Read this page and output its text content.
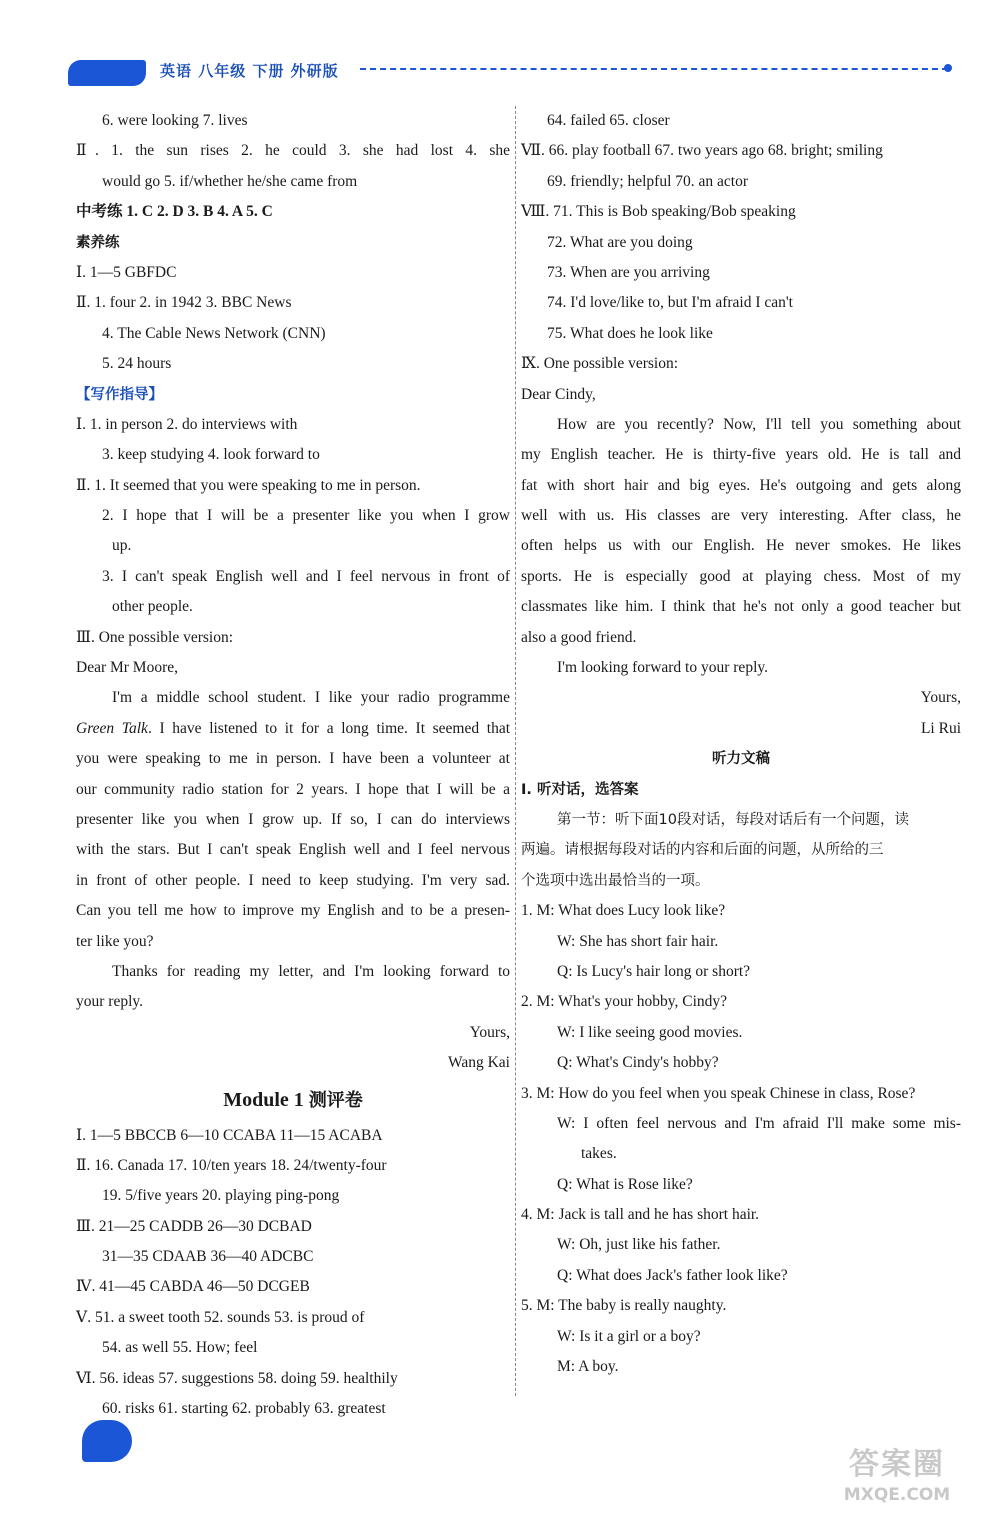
英语 八年级 下册 外研版
6. were looking 7. lives
Ⅱ. 1. the sun rises 2. he could 3. she had lost 4. she
would go 5. if/whether he/she came from
中考练 1. C 2. D 3. B 4. A 5. C
素养练
Ⅰ. 1—5 GBFDC
Ⅱ. 1. four 2. in 1942 3. BBC News
4. The Cable News Network (CNN)
5. 24 hours
【写作指导】
Ⅰ. 1. in person 2. do interviews with
3. keep studying 4. look forward to
Ⅱ. 1. It seemed that you were speaking to me in person.
2. I hope that I will be a presenter like you when I grow
up.
3. I can't speak English well and I feel nervous in front of
other people.
Ⅲ. One possible version:
Dear Mr Moore,
I'm a middle school student. I like your radio programme
Green Talk. I have listened to it for a long time. It seemed that
you were speaking to me in person. I have been a volunteer at
our community radio station for 2 years. I hope that I will be a
presenter like you when I grow up. If so, I can do interviews
with the stars. But I can't speak English well and I feel nervous
in front of other people. I need to keep studying. I'm very sad.
Can you tell me how to improve my English and to be a presen-
ter like you?
Thanks for reading my letter, and I'm looking forward to
your reply.
Yours,
Wang Kai
Module 1 测评卷
Ⅰ. 1—5 BBCCB 6—10 CCABA 11—15 ACABA
Ⅱ. 16. Canada 17. 10/ten years 18. 24/twenty-four
19. 5/five years 20. playing ping-pong
Ⅲ. 21—25 CADDB 26—30 DCBAD
31—35 CDAAB 36—40 ADCBC
Ⅳ. 41—45 CABDA 46—50 DCGEB
Ⅴ. 51. a sweet tooth 52. sounds 53. is proud of
54. as well 55. How; feel
Ⅵ. 56. ideas 57. suggestions 58. doing 59. healthily
60. risks 61. starting 62. probably 63. greatest
64. failed 65. closer
Ⅶ. 66. play football 67. two years ago 68. bright; smiling
69. friendly; helpful 70. an actor
Ⅷ. 71. This is Bob speaking/Bob speaking
72. What are you doing
73. When are you arriving
74. I'd love/like to, but I'm afraid I can't
75. What does he look like
Ⅸ. One possible version:
Dear Cindy,
How are you recently? Now, I'll tell you something about
my English teacher. He is thirty-five years old. He is tall and
fat with short hair and big eyes. He's outgoing and gets along
well with us. His classes are very interesting. After class, he
often helps us with our English. He never smokes. He likes
sports. He is especially good at playing chess. Most of my
classmates like him. I think that he's not only a good teacher but
also a good friend.
I'm looking forward to your reply.
Yours,
Li Rui
听力文稿
Ⅰ. 听对话，选答案
第一节：听下面10段对话，每段对话后有一个问题，读
两遍。请根据每段对话的内容和后面的问题，从所给的三
个选项中选出最恰当的一项。
1. M: What does Lucy look like?
W: She has short fair hair.
Q: Is Lucy's hair long or short?
2. M: What's your hobby, Cindy?
W: I like seeing good movies.
Q: What's Cindy's hobby?
3. M: How do you feel when you speak Chinese in class, Rose?
W: I often feel nervous and I'm afraid I'll make some mis-
takes.
Q: What is Rose like?
4. M: Jack is tall and he has short hair.
W: Oh, just like his father.
Q: What does Jack's father look like?
5. M: The baby is really naughty.
W: Is it a girl or a boy?
M: A boy.
答案圈
MXQE.COM
